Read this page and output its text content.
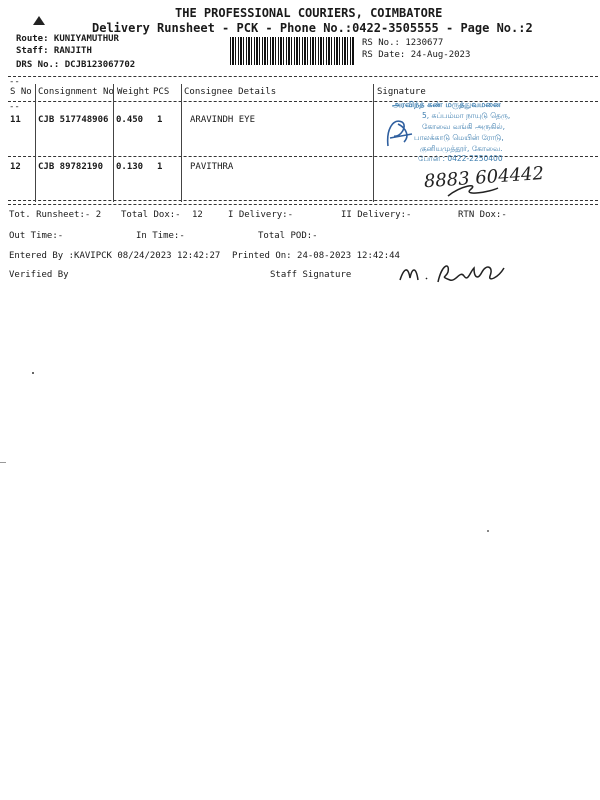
THE PROFESSIONAL COURIERS, COIMBATORE
Delivery Runsheet - PCK - Phone No.:0422-3505555 - Page No.:2
Route: KUNIYAMUTHUR
Staff: RANJITH
DRS No.: DCJB123067702
RS No.: 1230677
RS Date: 24-Aug-2023
--
--
S No Consignment No Weight PCS Consignee Details	Signature
11 CJB 517748906 0.450 1	ARAVINDH EYE
12 CJB 89782190 0.130 1	PAVITHRA
அரவிந்த் கண் மருத்துவமனை
5, சுப்பம்மா நாயுடு தெரு,
கோவை வங்கி அருகில்,
பாலக்காடு மெயின் ரோடு,
குனியமுத்தூர், கோவை.
போன் : 0422-2250400
8883 604442
Tot. Runsheet:- 2 Total Dox:- 12	I Delivery:-	II Delivery:-	RTN Dox:-
Out Time:-	In Time:-	Total POD:-
Entered By :KAVIPCK 08/24/2023 12:42:27 Printed On: 24-08-2023 12:42:44
Verified By	Staff Signature
